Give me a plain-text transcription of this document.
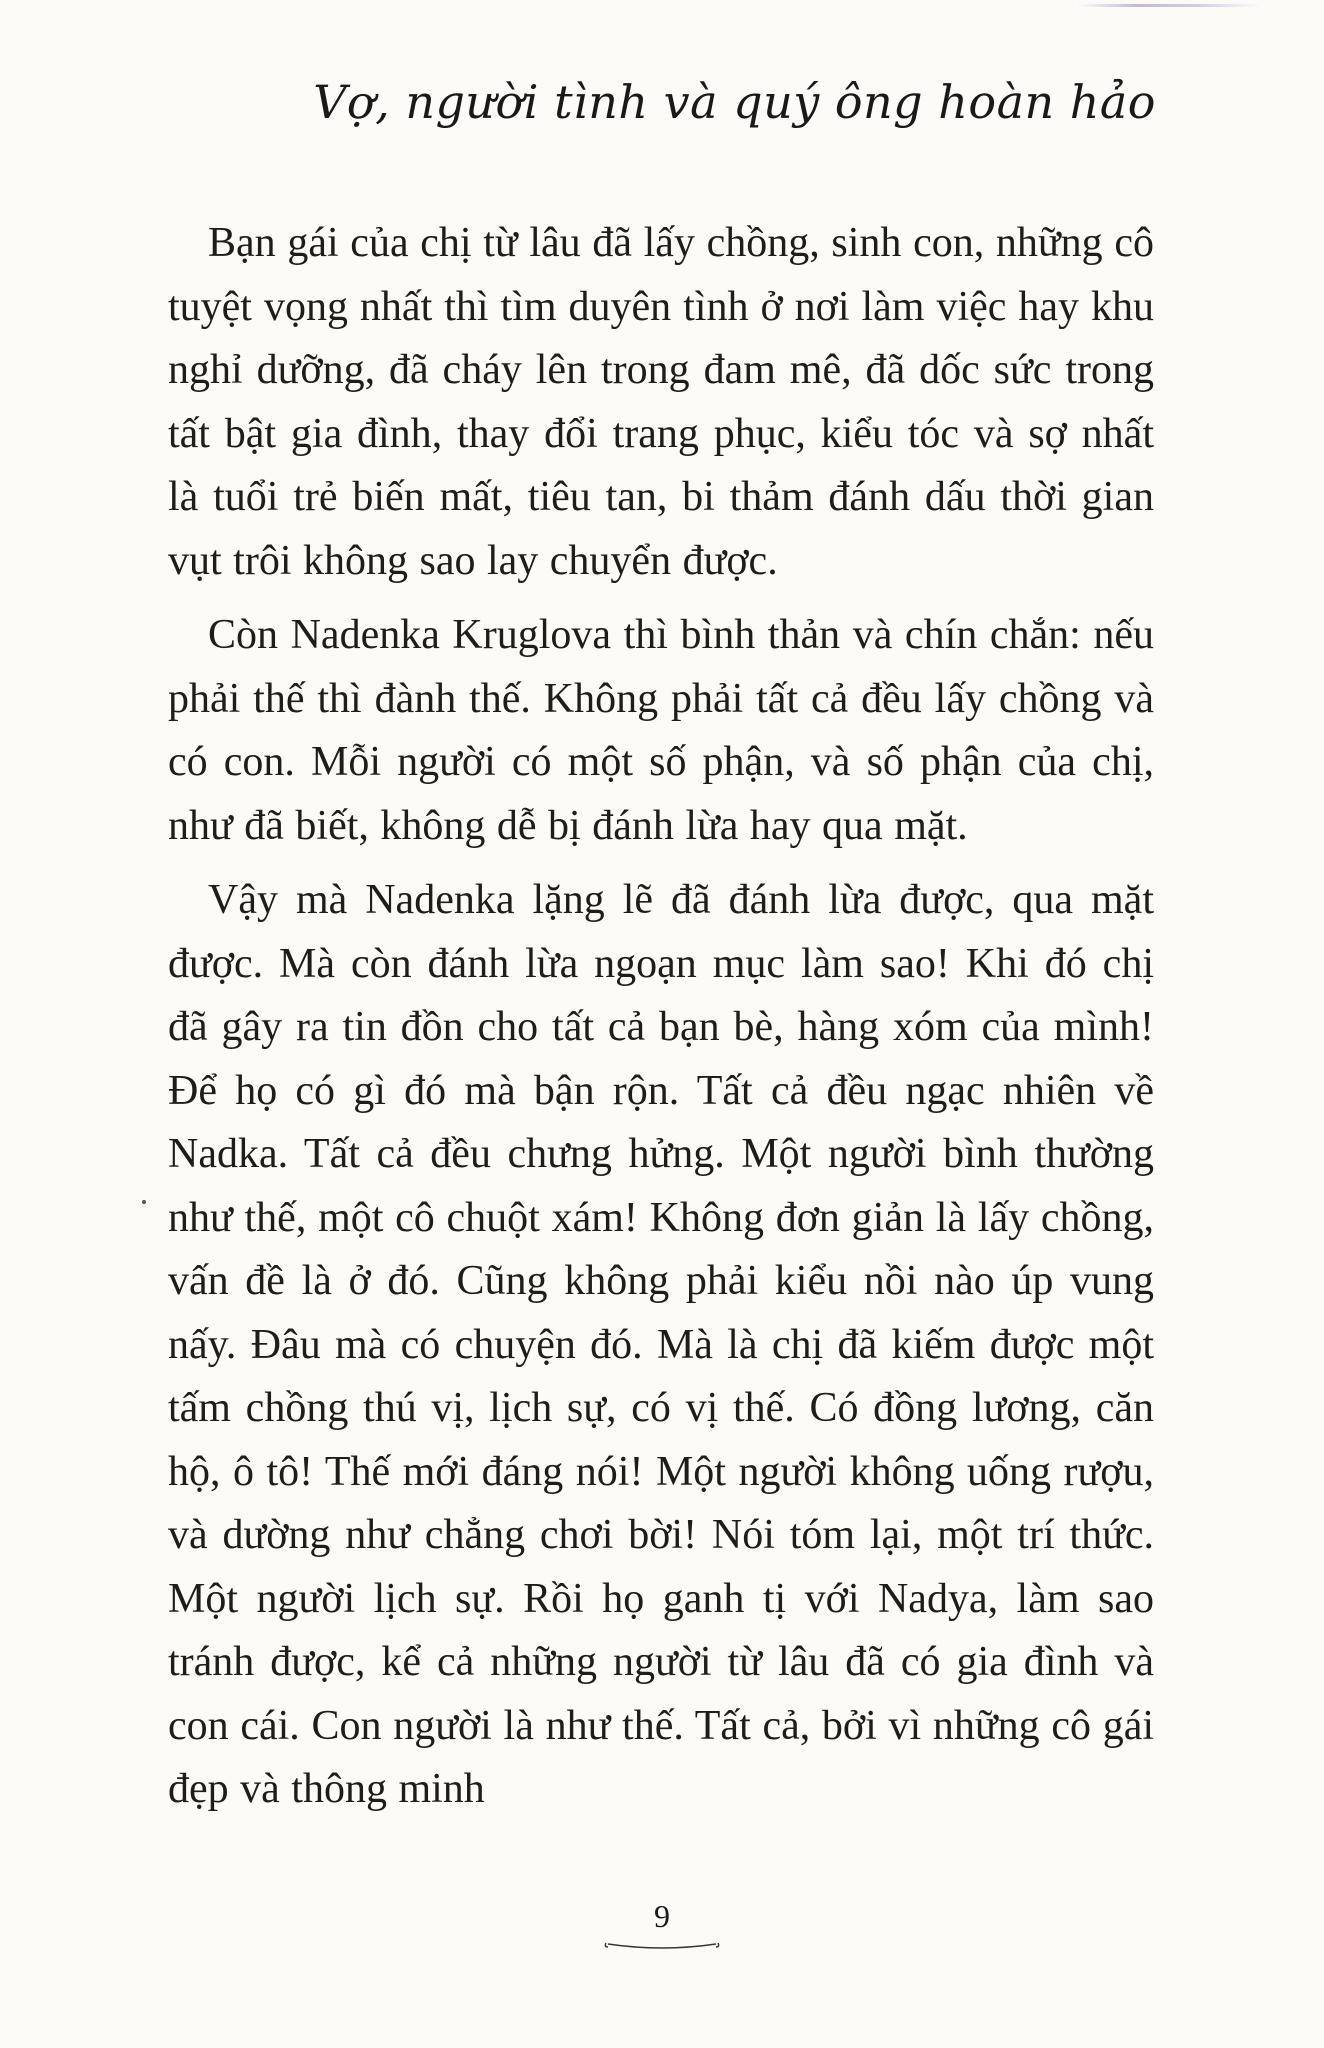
Vợ, người tình và quý ông hoàn hảo

Bạn gái của chị từ lâu đã lấy chồng, sinh con, những cô tuyệt vọng nhất thì tìm duyên tình ở nơi làm việc hay khu nghỉ dưỡng, đã cháy lên trong đam mê, đã dốc sức trong tất bật gia đình, thay đổi trang phục, kiểu tóc và sợ nhất là tuổi trẻ biến mất, tiêu tan, bi thảm đánh dấu thời gian vụt trôi không sao lay chuyển được.

Còn Nadenka Kruglova thì bình thản và chín chắn: nếu phải thế thì đành thế. Không phải tất cả đều lấy chồng và có con. Mỗi người có một số phận, và số phận của chị, như đã biết, không dễ bị đánh lừa hay qua mặt.

Vậy mà Nadenka lặng lẽ đã đánh lừa được, qua mặt được. Mà còn đánh lừa ngoạn mục làm sao! Khi đó chị đã gây ra tin đồn cho tất cả bạn bè, hàng xóm của mình! Để họ có gì đó mà bận rộn. Tất cả đều ngạc nhiên về Nadka. Tất cả đều chưng hửng. Một người bình thường như thế, một cô chuột xám! Không đơn giản là lấy chồng, vấn đề là ở đó. Cũng không phải kiểu nồi nào úp vung nấy. Đâu mà có chuyện đó. Mà là chị đã kiếm được một tấm chồng thú vị, lịch sự, có vị thế. Có đồng lương, căn hộ, ô tô! Thế mới đáng nói! Một người không uống rượu, và dường như chẳng chơi bời! Nói tóm lại, một trí thức. Một người lịch sự. Rồi họ ganh tị với Nadya, làm sao tránh được, kể cả những người từ lâu đã có gia đình và con cái. Con người là như thế. Tất cả, bởi vì những cô gái đẹp và thông minh

9
